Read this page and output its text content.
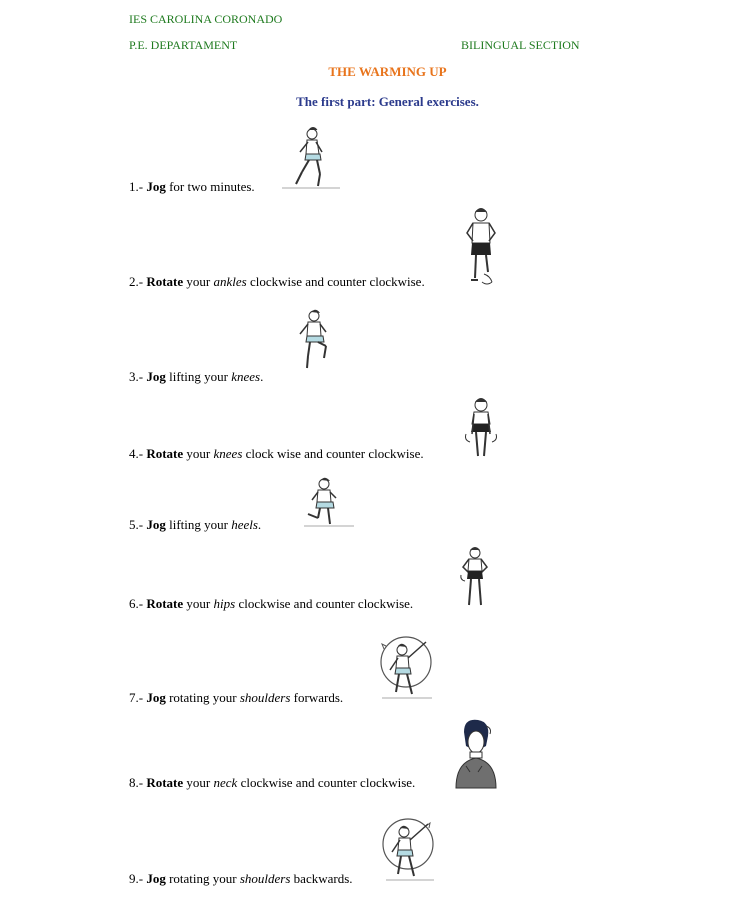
IES CAROLINA CORONADO
P.E. DEPARTAMENT	BILINGUAL SECTION
THE WARMING UP
The first part: General exercises.
1.- Jog for two minutes.
2.- Rotate your ankles clockwise and counter clockwise.
3.- Jog lifting your knees.
4.- Rotate your knees clock wise and counter clockwise.
5.- Jog lifting your heels.
6.- Rotate your hips clockwise and counter clockwise.
7.- Jog rotating your shoulders forwards.
8.- Rotate your neck clockwise and counter clockwise.
9.- Jog rotating your shoulders backwards.
